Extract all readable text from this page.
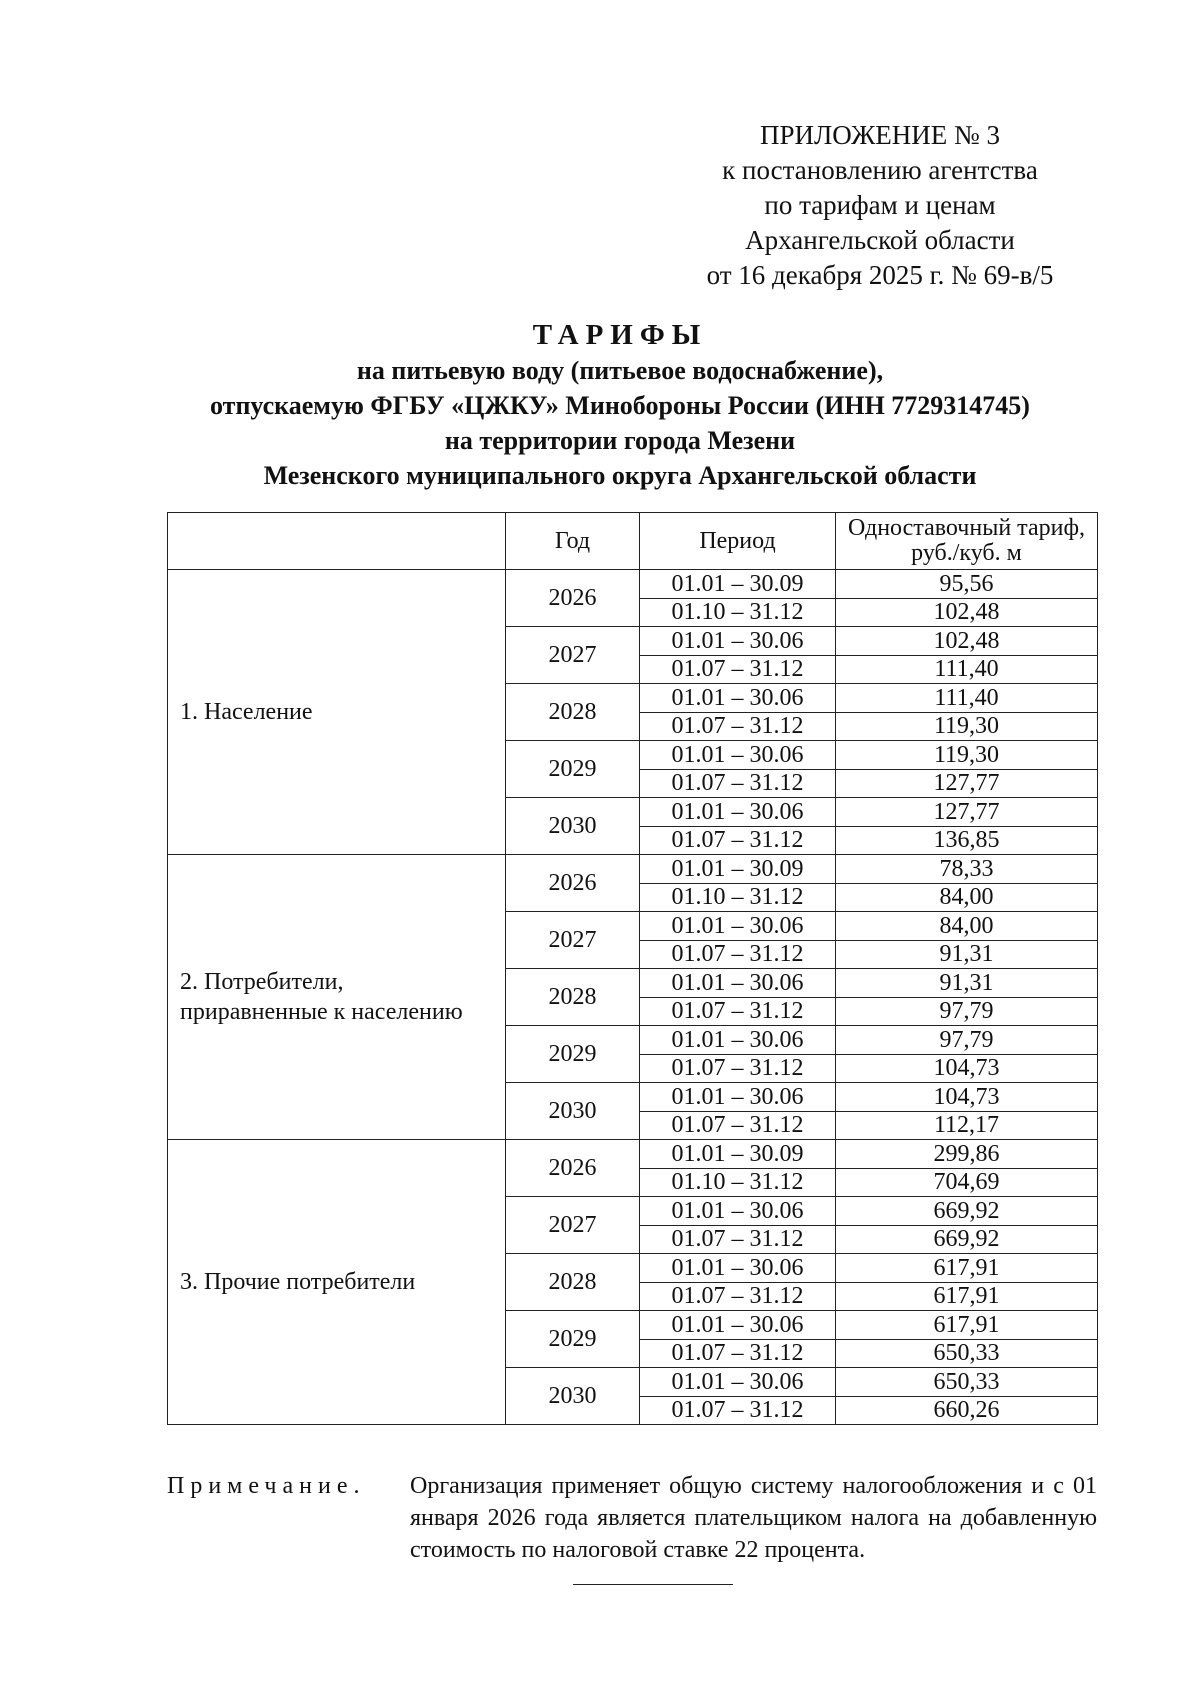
ПРИЛОЖЕНИЕ № 3
к постановлению агентства
по тарифам и ценам
Архангельской области
от 16 декабря 2025 г. № 69-в/5
ТАРИФЫ
на питьевую воду (питьевое водоснабжение),
отпускаемую ФГБУ «ЦЖКУ» Минобороны России (ИНН 7729314745)
на территории города Мезени
Мезенского муниципального округа Архангельской области
	Год	Период	Одноставочный тариф,
руб./куб. м

1. Население	2026	01.01 – 30.09	95,56
		01.10 – 31.12	102,48
	2027	01.01 – 30.06	102,48
		01.07 – 31.12	111,40
	2028	01.01 – 30.06	111,40
		01.07 – 31.12	119,30
	2029	01.01 – 30.06	119,30
		01.07 – 31.12	127,77
	2030	01.01 – 30.06	127,77
		01.07 – 31.12	136,85

2. Потребители,
приравненные к населению	2026	01.01 – 30.09	78,33
		01.10 – 31.12	84,00
	2027	01.01 – 30.06	84,00
		01.07 – 31.12	91,31
	2028	01.01 – 30.06	91,31
		01.07 – 31.12	97,79
	2029	01.01 – 30.06	97,79
		01.07 – 31.12	104,73
	2030	01.01 – 30.06	104,73
		01.07 – 31.12	112,17

3. Прочие потребители	2026	01.01 – 30.09	299,86
		01.10 – 31.12	704,69
	2027	01.01 – 30.06	669,92
		01.07 – 31.12	669,92
	2028	01.01 – 30.06	617,91
		01.07 – 31.12	617,91
	2029	01.01 – 30.06	617,91
		01.07 – 31.12	650,33
	2030	01.01 – 30.06	650,33
		01.07 – 31.12	660,26
Примечание. Организация применяет общую систему налогообложения и с 01 января 2026 года является плательщиком налога на добавленную стоимость по налоговой ставке 22 процента.
